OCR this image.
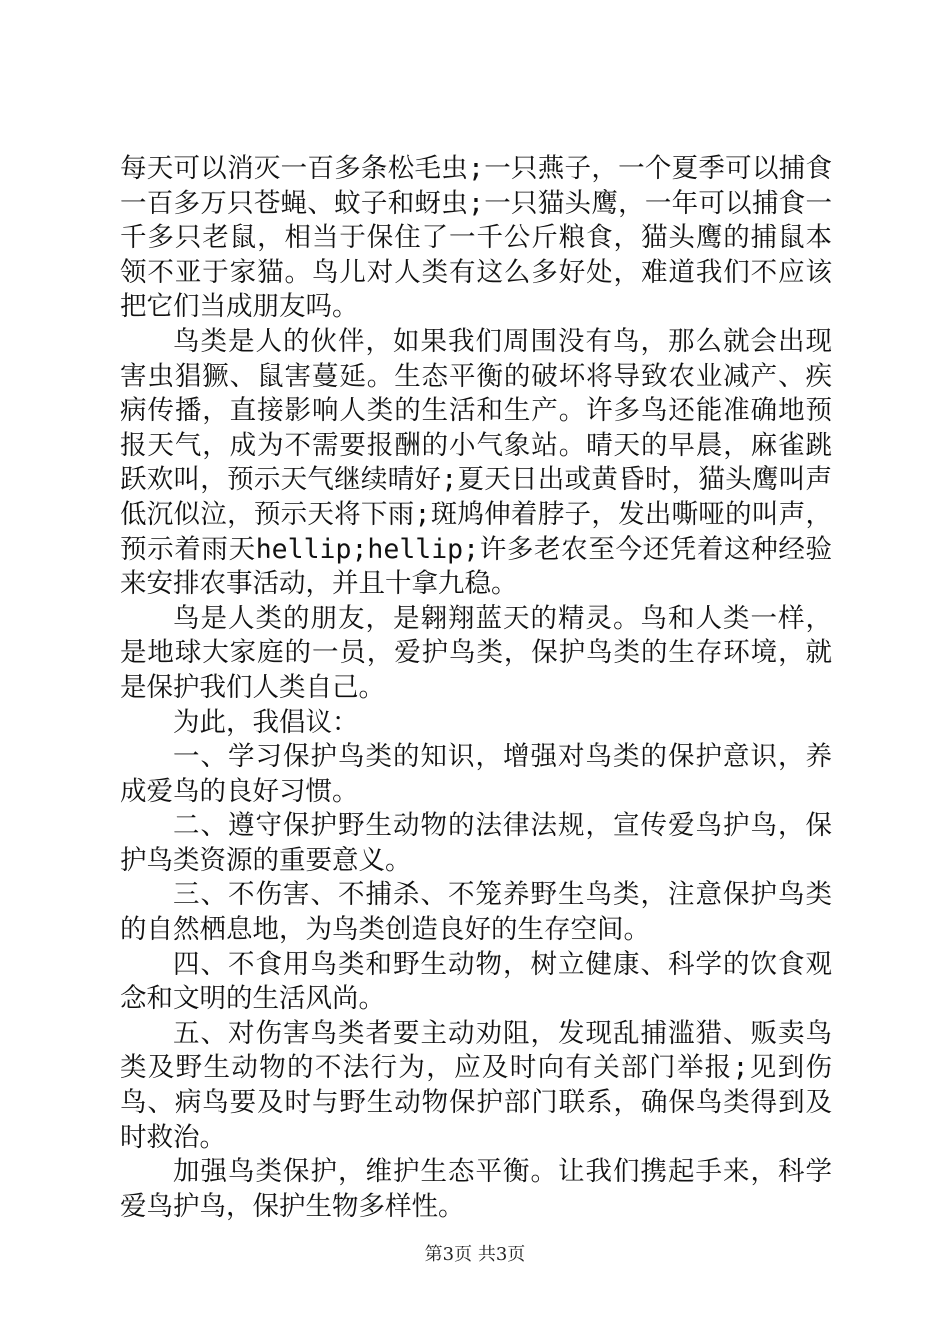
每天可以消灭一百多条松毛虫;一只燕子，一个夏季可以捕食一百多万只苍蝇、蚊子和蚜虫;一只猫头鹰，一年可以捕食一千多只老鼠，相当于保住了一千公斤粮食，猫头鹰的捕鼠本领不亚于家猫。鸟儿对人类有这么多好处，难道我们不应该把它们当成朋友吗。

鸟类是人的伙伴，如果我们周围没有鸟，那么就会出现害虫猖獗、鼠害蔓延。生态平衡的破坏将导致农业减产、疾病传播，直接影响人类的生活和生产。许多鸟还能准确地预报天气，成为不需要报酬的小气象站。晴天的早晨，麻雀跳跃欢叫，预示天气继续晴好;夏天日出或黄昏时，猫头鹰叫声低沉似泣，预示天将下雨;斑鸠伸着脖子，发出嘶哑的叫声，预示着雨天hellip;hellip;许多老农至今还凭着这种经验来安排农事活动，并且十拿九稳。

鸟是人类的朋友，是翱翔蓝天的精灵。鸟和人类一样，是地球大家庭的一员，爱护鸟类，保护鸟类的生存环境，就是保护我们人类自己。

为此，我倡议：

一、学习保护鸟类的知识，增强对鸟类的保护意识，养成爱鸟的良好习惯。

二、遵守保护野生动物的法律法规，宣传爱鸟护鸟，保护鸟类资源的重要意义。

三、不伤害、不捕杀、不笼养野生鸟类，注意保护鸟类的自然栖息地，为鸟类创造良好的生存空间。

四、不食用鸟类和野生动物，树立健康、科学的饮食观念和文明的生活风尚。

五、对伤害鸟类者要主动劝阻，发现乱捕滥猎、贩卖鸟类及野生动物的不法行为，应及时向有关部门举报;见到伤鸟、病鸟要及时与野生动物保护部门联系，确保鸟类得到及时救治。

加强鸟类保护，维护生态平衡。让我们携起手来，科学爱鸟护鸟，保护生物多样性。

第3页 共3页
